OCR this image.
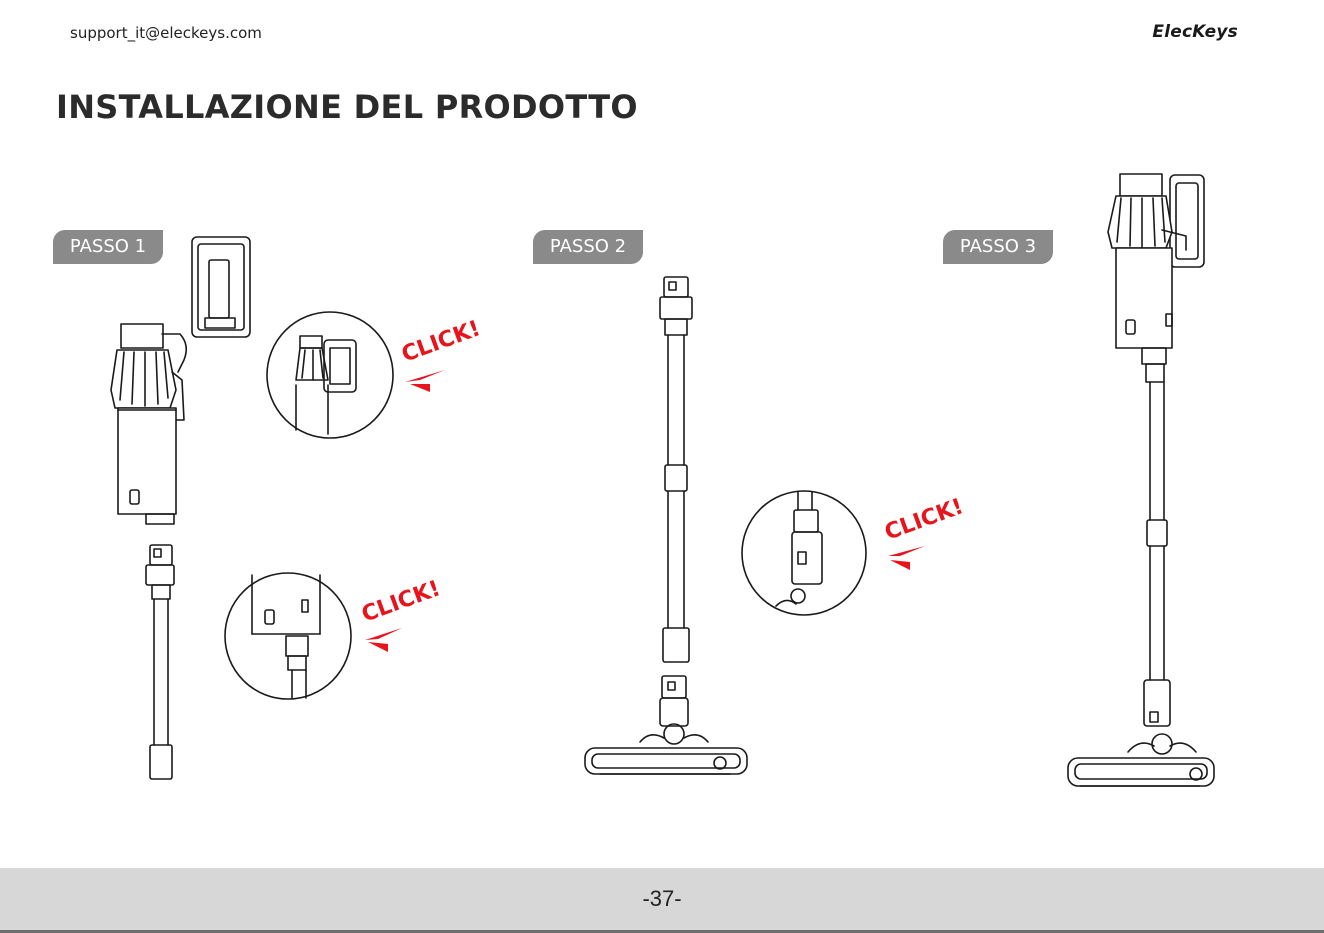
support_it@eleckeys.com	ElecKeys
INSTALLAZIONE DEL PRODOTTO
PASSO 1	PASSO 2	PASSO 3
CLICK!
CLICK!
CLICK!
-37-
